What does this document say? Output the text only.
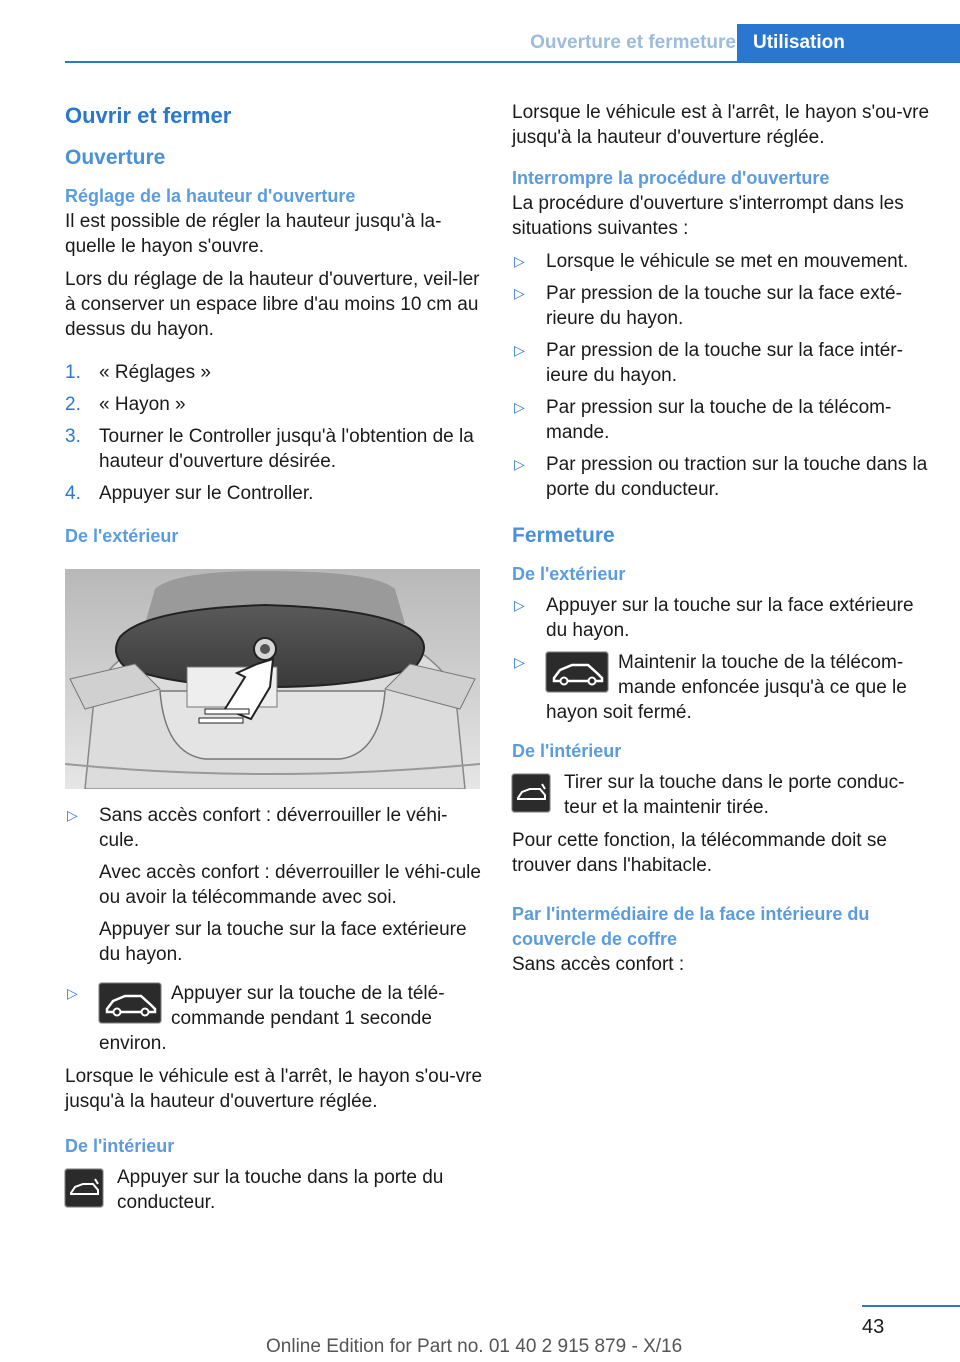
Ouverture et fermeture Utilisation
Ouvrir et fermer
Ouverture
Réglage de la hauteur d'ouverture

Il est possible de régler la hauteur jusqu'à la-quelle le hayon s'ouvre.

Lors du réglage de la hauteur d'ouverture, veil-ler à conserver un espace libre d'au moins 10 cm au dessus du hayon.

1. « Réglages »
2. « Hayon »
3. Tourner le Controller jusqu'à l'obtention de la hauteur d'ouverture désirée.
4. Appuyer sur le Controller.
De l'extérieur
▷ Sans accès confort : déverrouiller le véhi-cule.

Avec accès confort : déverrouiller le véhi-cule ou avoir la télécommande avec soi.

Appuyer sur la touche sur la face extérieure du hayon.

▷	Appuyer sur la touche de la télé-commande pendant 1 seconde environ.

Lorsque le véhicule est à l'arrêt, le hayon s'ou-vre jusqu'à la hauteur d'ouverture réglée.

De l'intérieur

Appuyer sur la touche dans la porte du conducteur.

Lorsque le véhicule est à l'arrêt, le hayon s'ou-vre jusqu'à la hauteur d'ouverture réglée.

Interrompre la procédure d'ouverture

La procédure d'ouverture s'interrompt dans les situations suivantes :

▷ Lorsque le véhicule se met en mouvement.
▷ Par pression de la touche sur la face exté-rieure du hayon.
▷ Par pression de la touche sur la face intér-ieure du hayon.
▷ Par pression sur la touche de la télécom-mande.
▷ Par pression ou traction sur la touche dans la porte du conducteur.
Fermeture
De l'extérieur
▷ Appuyer sur la touche sur la face extérieure du hayon.
▷	Maintenir la touche de la télécom-mande enfoncée jusqu'à ce que le hayon soit fermé.

De l'intérieur

Tirer sur la touche dans le porte conduc-teur et la maintenir tirée.

Pour cette fonction, la télécommande doit se trouver dans l'habitacle.

Par l'intermédiaire de la face intérieure du couvercle de coffre

Sans accès confort :

43
Online Edition for Part no. 01 40 2 915 879 - X/16
